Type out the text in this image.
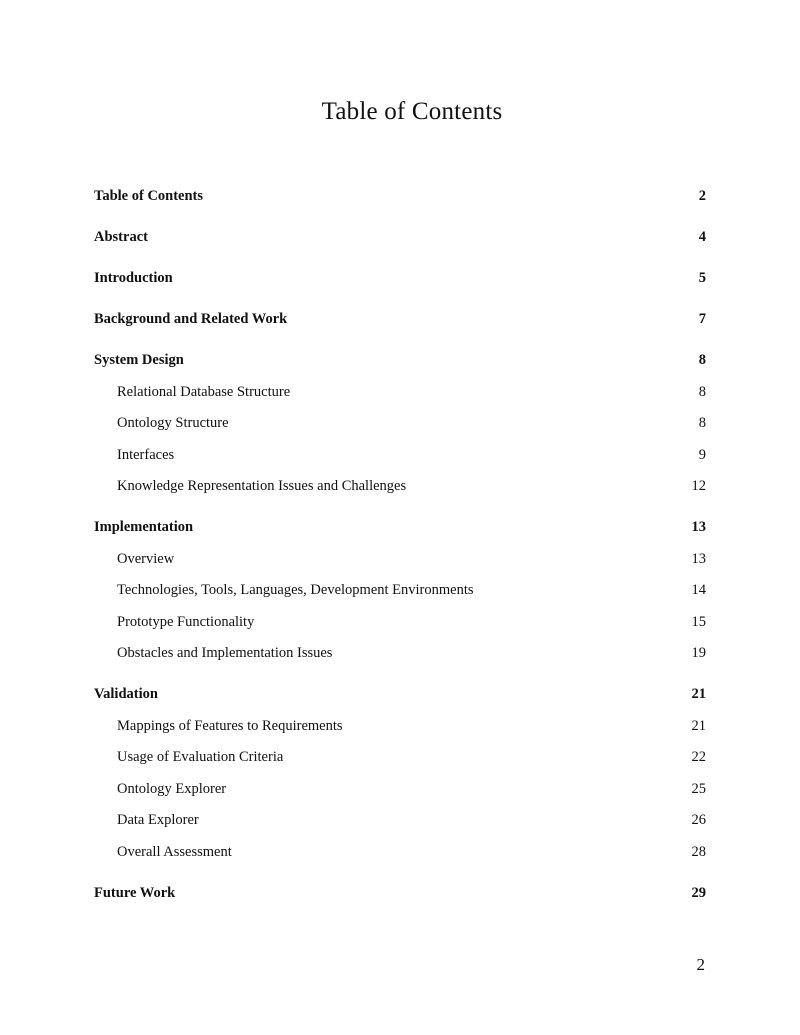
Table of Contents
Table of Contents	2
Abstract	4
Introduction	5
Background and Related Work	7
System Design	8
Relational Database Structure	8
Ontology Structure	8
Interfaces	9
Knowledge Representation Issues and Challenges	12
Implementation	13
Overview	13
Technologies, Tools, Languages, Development Environments	14
Prototype Functionality	15
Obstacles and Implementation Issues	19
Validation	21
Mappings of Features to Requirements	21
Usage of Evaluation Criteria	22
Ontology Explorer	25
Data Explorer	26
Overall Assessment	28
Future Work	29
2
